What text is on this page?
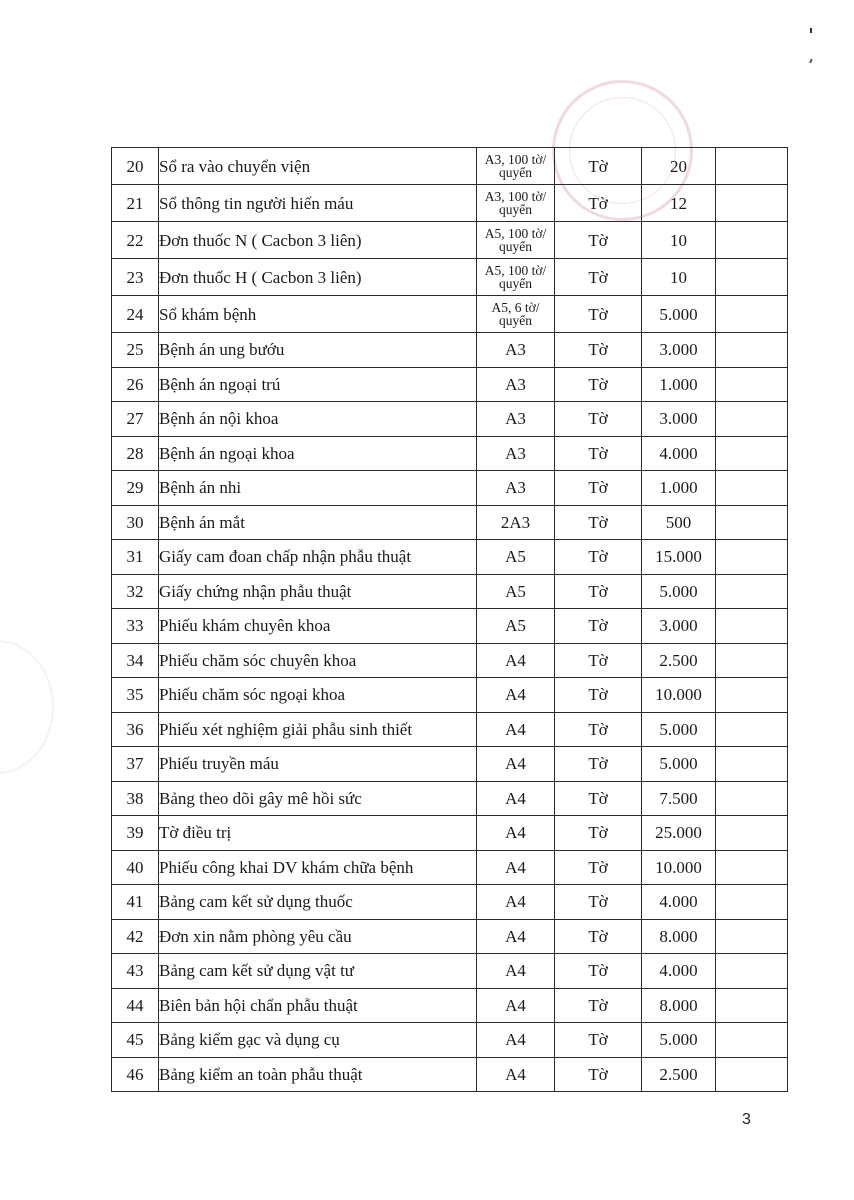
20	Sổ ra vào chuyển viện	A3, 100 tờ/ quyển	Tờ	20	
21	Sổ thông tin người hiến máu	A3, 100 tờ/ quyển	Tờ	12	
22	Đơn thuốc N ( Cacbon 3 liên)	A5, 100 tờ/ quyển	Tờ	10	
23	Đơn thuốc H ( Cacbon 3 liên)	A5, 100 tờ/ quyển	Tờ	10	
24	Sổ khám bệnh	A5, 6 tờ/ quyển	Tờ	5.000	
25	Bệnh án ung bướu	A3	Tờ	3.000	
26	Bệnh án ngoại trú	A3	Tờ	1.000	
27	Bệnh án nội khoa	A3	Tờ	3.000	
28	Bệnh án ngoại khoa	A3	Tờ	4.000	
29	Bệnh án nhi	A3	Tờ	1.000	
30	Bệnh án mắt	2A3	Tờ	500	
31	Giấy cam đoan chấp nhận phẫu thuật	A5	Tờ	15.000	
32	Giấy chứng nhận phẫu thuật	A5	Tờ	5.000	
33	Phiếu khám chuyên khoa	A5	Tờ	3.000	
34	Phiếu chăm sóc chuyên khoa	A4	Tờ	2.500	
35	Phiếu chăm sóc ngoại khoa	A4	Tờ	10.000	
36	Phiếu xét nghiệm giải phẫu sinh thiết	A4	Tờ	5.000	
37	Phiếu truyền máu	A4	Tờ	5.000	
38	Bảng theo dõi gây mê hồi sức	A4	Tờ	7.500	
39	Tờ điều trị	A4	Tờ	25.000	
40	Phiếu công khai DV khám chữa bệnh	A4	Tờ	10.000	
41	Bảng cam kết sử dụng thuốc	A4	Tờ	4.000	
42	Đơn xin nằm phòng yêu cầu	A4	Tờ	8.000	
43	Bảng cam kết sử dụng vật tư	A4	Tờ	4.000	
44	Biên bản hội chẩn phẫu thuật	A4	Tờ	8.000	
45	Bảng kiểm gạc và dụng cụ	A4	Tờ	5.000	
46	Bảng kiểm an toàn phẫu thuật	A4	Tờ	2.500	
3
